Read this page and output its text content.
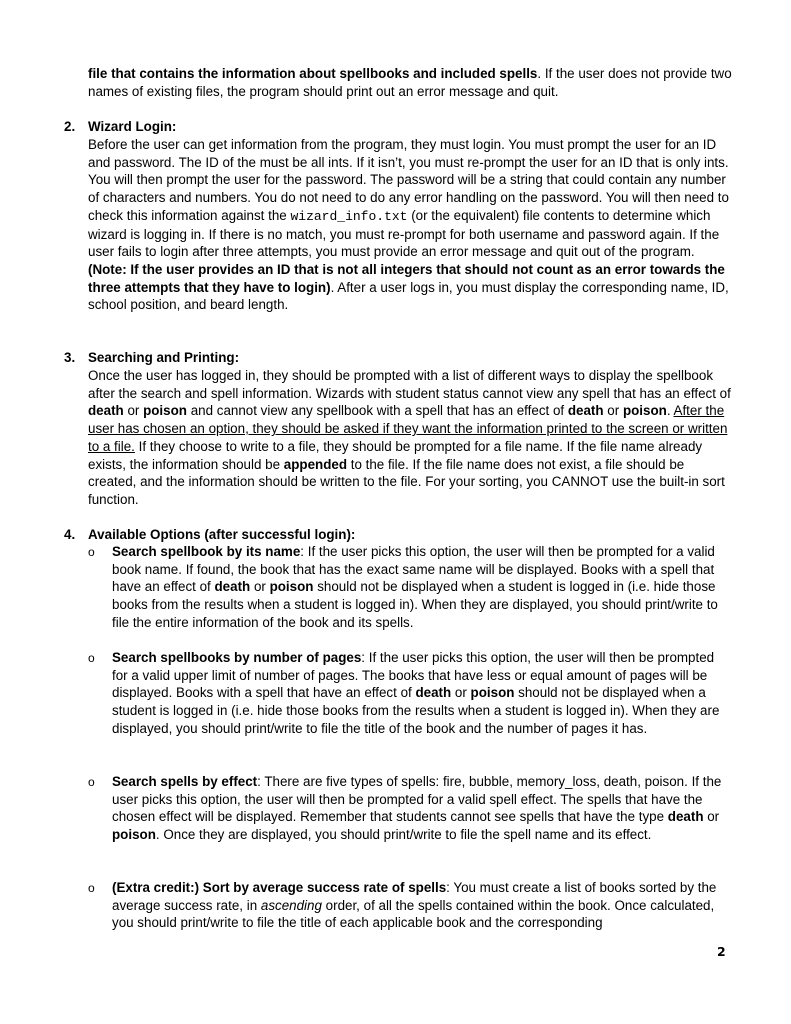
file that contains the information about spellbooks and included spells. If the user does not provide two names of existing files, the program should print out an error message and quit.

2. Wizard Login:

Before the user can get information from the program, they must login. You must prompt the user for an ID and password. The ID of the must be all ints. If it isn’t, you must re-prompt the user for an ID that is only ints. You will then prompt the user for the password. The password will be a string that could contain any number of characters and numbers. You do not need to do any error handling on the password. You will then need to check this information against the wizard_info.txt (or the equivalent) file contents to determine which wizard is logging in. If there is no match, you must re-prompt for both username and password again. If the user fails to login after three attempts, you must provide an error message and quit out of the program. (Note: If the user provides an ID that is not all integers that should not count as an error towards the three attempts that they have to login). After a user logs in, you must display the corresponding name, ID, school position, and beard length.

3. Searching and Printing:

Once the user has logged in, they should be prompted with a list of different ways to display the spellbook after the search and spell information. Wizards with student status cannot view any spell that has an effect of death or poison and cannot view any spellbook with a spell that has an effect of death or poison. After the user has chosen an option, they should be asked if they want the information printed to the screen or written to a file. If they choose to write to a file, they should be prompted for a file name. If the file name already exists, the information should be appended to the file. If the file name does not exist, a file should be created, and the information should be written to the file. For your sorting, you CANNOT use the built-in sort function.

4. Available Options (after successful login):
o Search spellbook by its name: If the user picks this option, the user will then be prompted for a valid book name. If found, the book that has the exact same name will be displayed. Books with a spell that have an effect of death or poison should not be displayed when a student is logged in (i.e. hide those books from the results when a student is logged in). When they are displayed, you should print/write to file the entire information of the book and its spells.

o Search spellbooks by number of pages: If the user picks this option, the user will then be prompted for a valid upper limit of number of pages. The books that have less or equal amount of pages will be displayed. Books with a spell that have an effect of death or poison should not be displayed when a student is logged in (i.e. hide those books from the results when a student is logged in). When they are displayed, you should print/write to file the title of the book and the number of pages it has.

o Search spells by effect: There are five types of spells: fire, bubble, memory_loss, death, poison. If the user picks this option, the user will then be prompted for a valid spell effect. The spells that have the chosen effect will be displayed. Remember that students cannot see spells that have the type death or poison. Once they are displayed, you should print/write to file the spell name and its effect.

o (Extra credit:) Sort by average success rate of spells: You must create a list of books sorted by the average success rate, in ascending order, of all the spells contained within the book. Once calculated, you should print/write to file the title of each applicable book and the corresponding

2
